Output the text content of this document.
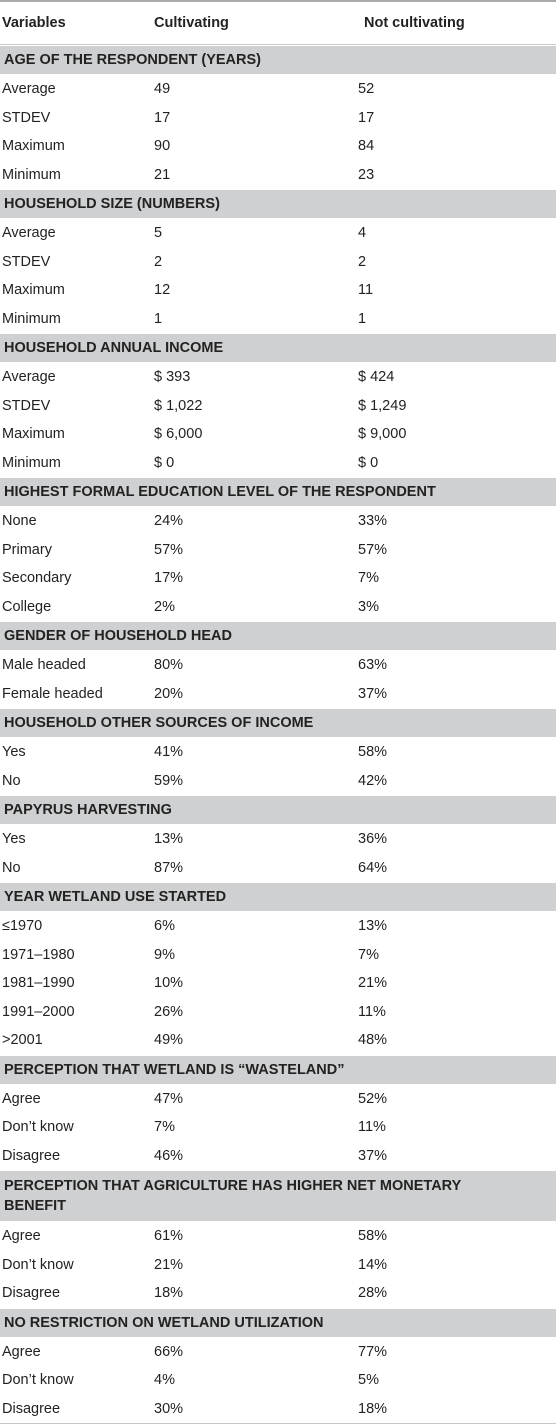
Variables	Cultivating	Not cultivating
AGE OF THE RESPONDENT (YEARS)
Average	49	52
STDEV	17	17
Maximum	90	84
Minimum	21	23
HOUSEHOLD SIZE (NUMBERS)
Average	5	4
STDEV	2	2
Maximum	12	11
Minimum	1	1
HOUSEHOLD ANNUAL INCOME
Average	$ 393	$ 424
STDEV	$ 1,022	$ 1,249
Maximum	$ 6,000	$ 9,000
Minimum	$ 0	$ 0
HIGHEST FORMAL EDUCATION LEVEL OF THE RESPONDENT
None	24%	33%
Primary	57%	57%
Secondary	17%	7%
College	2%	3%
GENDER OF HOUSEHOLD HEAD
Male headed	80%	63%
Female headed	20%	37%
HOUSEHOLD OTHER SOURCES OF INCOME
Yes	41%	58%
No	59%	42%
PAPYRUS HARVESTING
Yes	13%	36%
No	87%	64%
YEAR WETLAND USE STARTED
≤1970	6%	13%
1971–1980	9%	7%
1981–1990	10%	21%
1991–2000	26%	11%
>2001	49%	48%
PERCEPTION THAT WETLAND IS “WASTELAND”
Agree	47%	52%
Don’t know	7%	11%
Disagree	46%	37%
PERCEPTION THAT AGRICULTURE HAS HIGHER NET MONETARY BENEFIT
Agree	61%	58%
Don’t know	21%	14%
Disagree	18%	28%
NO RESTRICTION ON WETLAND UTILIZATION
Agree	66%	77%
Don’t know	4%	5%
Disagree	30%	18%
